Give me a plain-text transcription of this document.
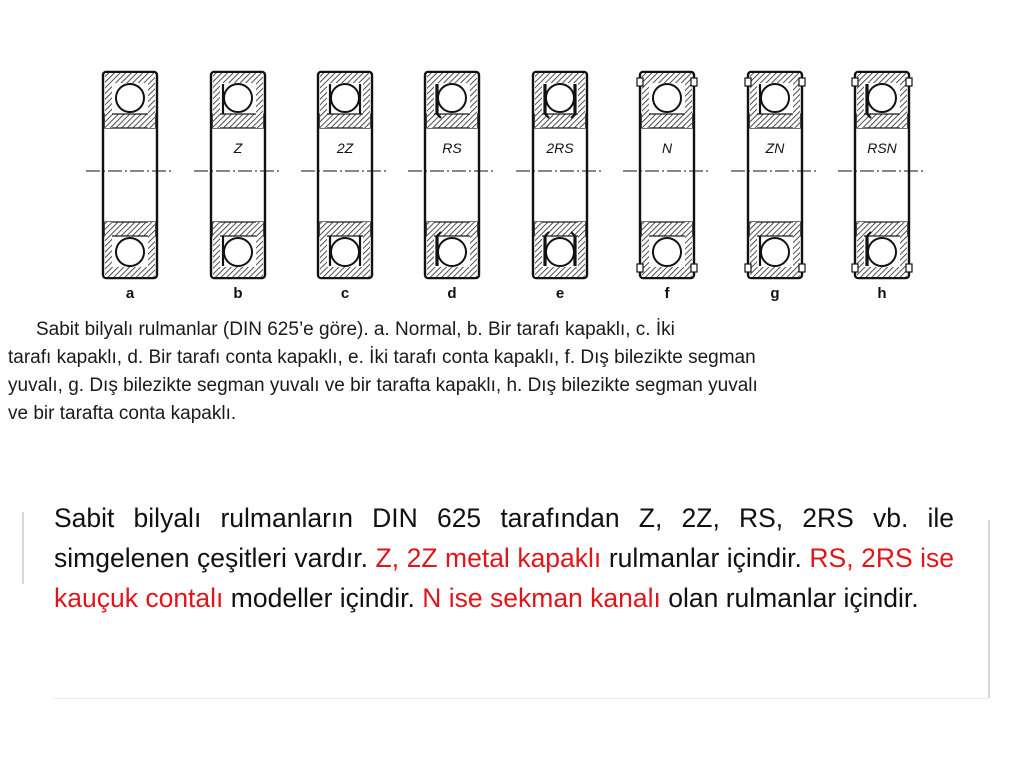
a
Z
b
2Z
c
RS
d
2RS
e
N
f
ZN
g
RSN
h
Sabit bilyalı rulmanlar (DIN 625’e göre). a. Normal, b. Bir tarafı kapaklı, c. İki
tarafı kapaklı, d. Bir tarafı conta kapaklı, e. İki tarafı conta kapaklı, f. Dış bilezikte segman
yuvalı, g. Dış bilezikte segman yuvalı ve bir tarafta kapaklı, h. Dış bilezikte segman yuvalı
ve bir tarafta conta kapaklı.
Sabit bilyalı rulmanların DIN 625 tarafından Z, 2Z, RS, 2RS vb. ile simgelenen çeşitleri vardır. Z, 2Z metal kapaklı rulmanlar içindir. RS, 2RS ise kauçuk contalı modeller içindir. N ise sekman kanalı olan rulmanlar içindir.
